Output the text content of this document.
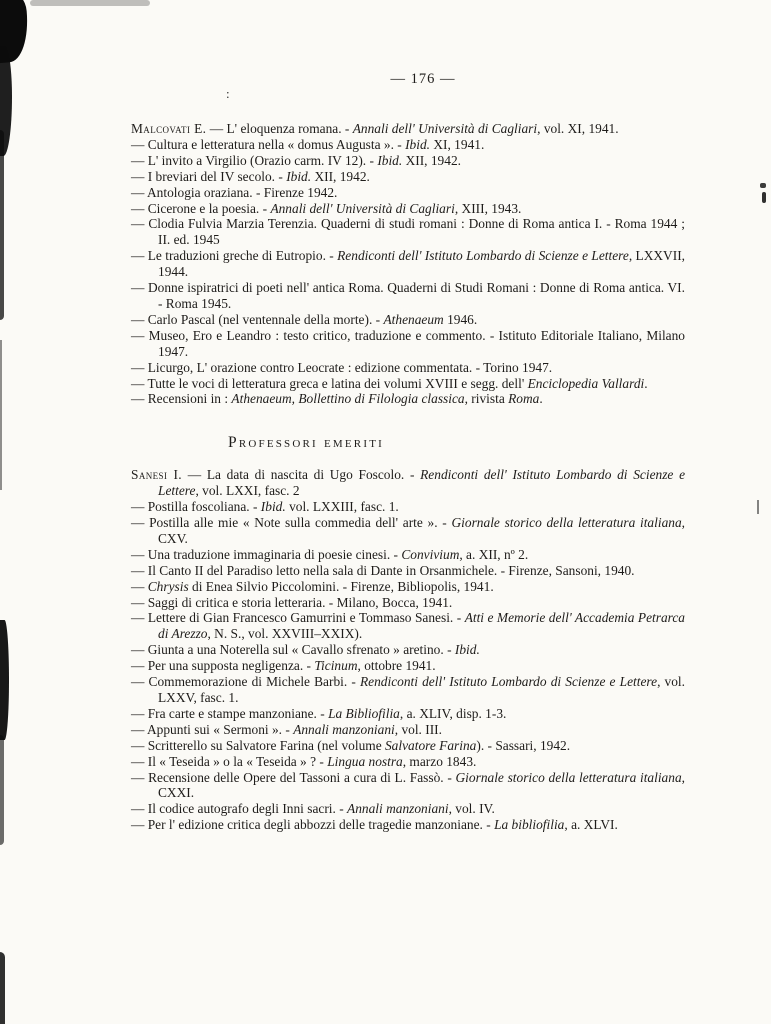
— 176 —
:

Malcovati E. — L' eloquenza romana. - Annali dell' Università di Cagliari, vol. XI, 1941.

— Cultura e letteratura nella « domus Augusta ». - Ibid. XI, 1941.

— L' invito a Virgilio (Orazio carm. IV 12). - Ibid. XII, 1942.

— I breviari del IV secolo. - Ibid. XII, 1942.

— Antologia oraziana. - Firenze 1942.

— Cicerone e la poesia. - Annali dell' Università di Cagliari, XIII, 1943.

— Clodia Fulvia Marzia Terenzia. Quaderni di studi romani : Donne di Roma antica I. - Roma 1944 ; II. ed. 1945

— Le traduzioni greche di Eutropio. - Rendiconti dell' Istituto Lombardo di Scienze e Lettere, LXXVII, 1944.

— Donne ispiratrici di poeti nell' antica Roma. Quaderni di Studi Romani : Donne di Roma antica. VI. - Roma 1945.

— Carlo Pascal (nel ventennale della morte). - Athenaeum 1946.

— Museo, Ero e Leandro : testo critico, traduzione e commento. - Istituto Editoriale Italiano, Milano 1947.

— Licurgo, L' orazione contro Leocrate : edizione commentata. - Torino 1947.

— Tutte le voci di letteratura greca e latina dei volumi XVIII e segg. dell' Enciclopedia Vallardi.

— Recensioni in : Athenaeum, Bollettino di Filologia classica, rivista Roma.

Professori emeriti

Sanesi I. — La data di nascita di Ugo Foscolo. - Rendiconti dell' Istituto Lombardo di Scienze e Lettere, vol. LXXI, fasc. 2

— Postilla foscoliana. - Ibid. vol. LXXIII, fasc. 1.

— Postilla alle mie « Note sulla commedia dell' arte ». - Giornale storico della letteratura italiana, CXV.

— Una traduzione immaginaria di poesie cinesi. - Convivium, a. XII, nº 2.

— Il Canto II del Paradiso letto nella sala di Dante in Orsanmichele. - Firenze, Sansoni, 1940.

— Chrysis di Enea Silvio Piccolomini. - Firenze, Bibliopolis, 1941.

— Saggi di critica e storia letteraria. - Milano, Bocca, 1941.

— Lettere di Gian Francesco Gamurrini e Tommaso Sanesi. - Atti e Memorie dell' Accademia Petrarca di Arezzo, N. S., vol. XXVIII–XXIX).

— Giunta a una Noterella sul « Cavallo sfrenato » aretino. - Ibid.

— Per una supposta negligenza. - Ticinum, ottobre 1941.

— Commemorazione di Michele Barbi. - Rendiconti dell' Istituto Lombardo di Scienze e Lettere, vol. LXXV, fasc. 1.

— Fra carte e stampe manzoniane. - La Bibliofilia, a. XLIV, disp. 1-3.

— Appunti sui « Sermoni ». - Annali manzoniani, vol. III.

— Scritterello su Salvatore Farina (nel volume Salvatore Farina). - Sassari, 1942.

— Il « Teseida » o la « Teseida » ? - Lingua nostra, marzo 1843.

— Recensione delle Opere del Tassoni a cura di L. Fassò. - Giornale storico della letteratura italiana, CXXI.

— Il codice autografo degli Inni sacri. - Annali manzoniani, vol. IV.

— Per l' edizione critica degli abbozzi delle tragedie manzoniane. - La bibliofilia, a. XLVI.
